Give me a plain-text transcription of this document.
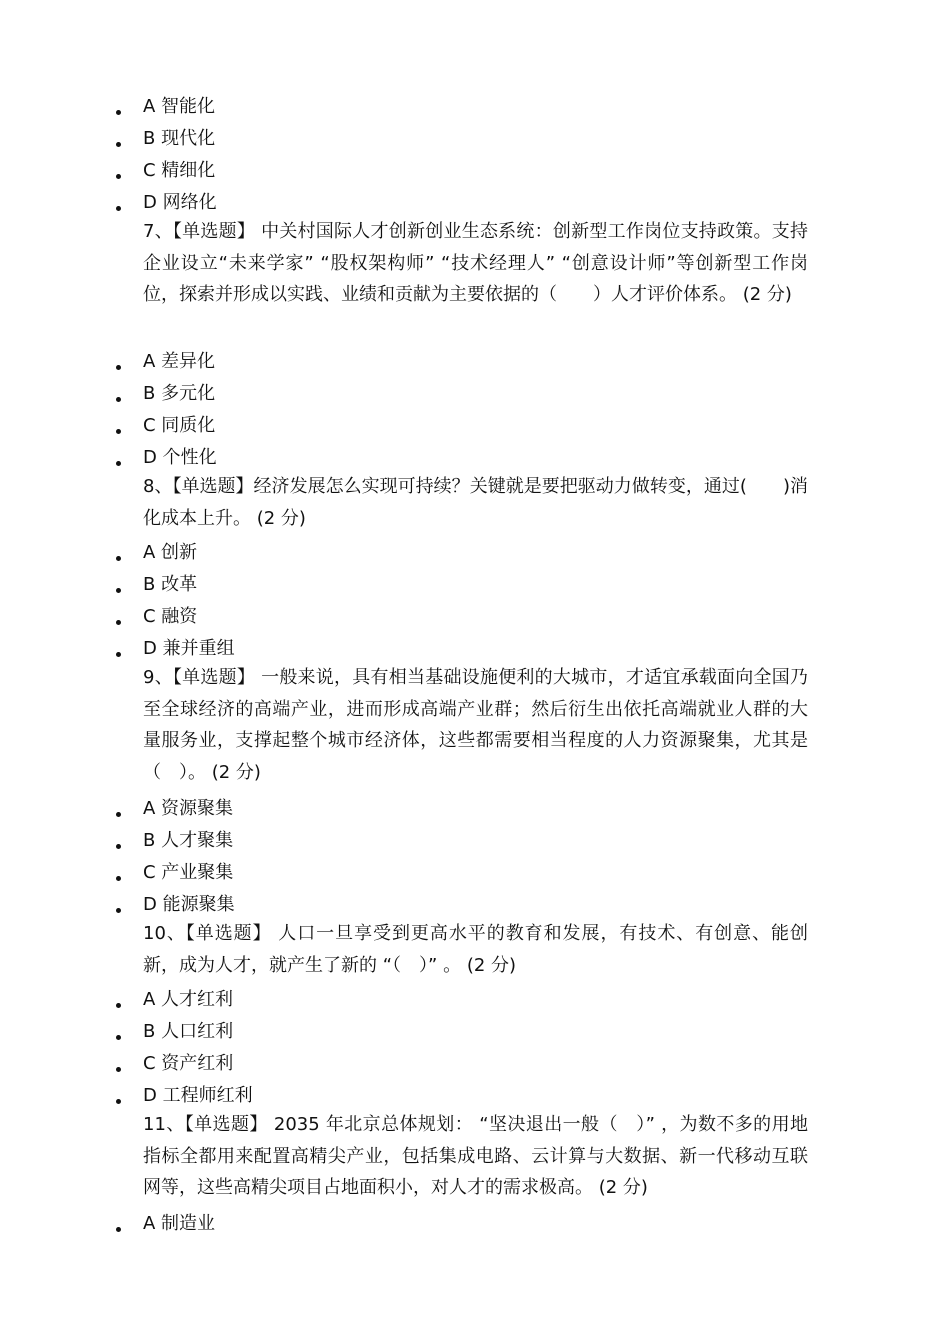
A 智能化
B 现代化
C 精细化
D 网络化
7、【单选题】 中关村国际人才创新创业生态系统：创新型工作岗位支持政策。支持企业设立“未来学家” “股权架构师” “技术经理人” “创意设计师”等创新型工作岗位，探索并形成以实践、业绩和贡献为主要依据的（　　）人才评价体系。 (2 分)
A 差异化
B 多元化
C 同质化
D 个性化
8、【单选题】经济发展怎么实现可持续？关键就是要把驱动力做转变，通过(　　)消化成本上升。 (2 分)
A 创新
B 改革
C 融资
D 兼并重组
9、【单选题】 一般来说，具有相当基础设施便利的大城市，才适宜承载面向全国乃至全球经济的高端产业，进而形成高端产业群；然后衍生出依托高端就业人群的大量服务业，支撑起整个城市经济体，这些都需要相当程度的人力资源聚集，尤其是（　）。 (2 分)
A 资源聚集
B 人才聚集
C 产业聚集
D 能源聚集
10、【单选题】 人口一旦享受到更高水平的教育和发展，有技术、有创意、能创新，成为人才，就产生了新的 “（　）” 。 (2 分)
A 人才红利
B 人口红利
C 资产红利
D 工程师红利
11、【单选题】 2035 年北京总体规划： “坚决退出一般（　）” ，为数不多的用地指标全都用来配置高精尖产业，包括集成电路、云计算与大数据、新一代移动互联网等，这些高精尖项目占地面积小，对人才的需求极高。 (2 分)
A 制造业
